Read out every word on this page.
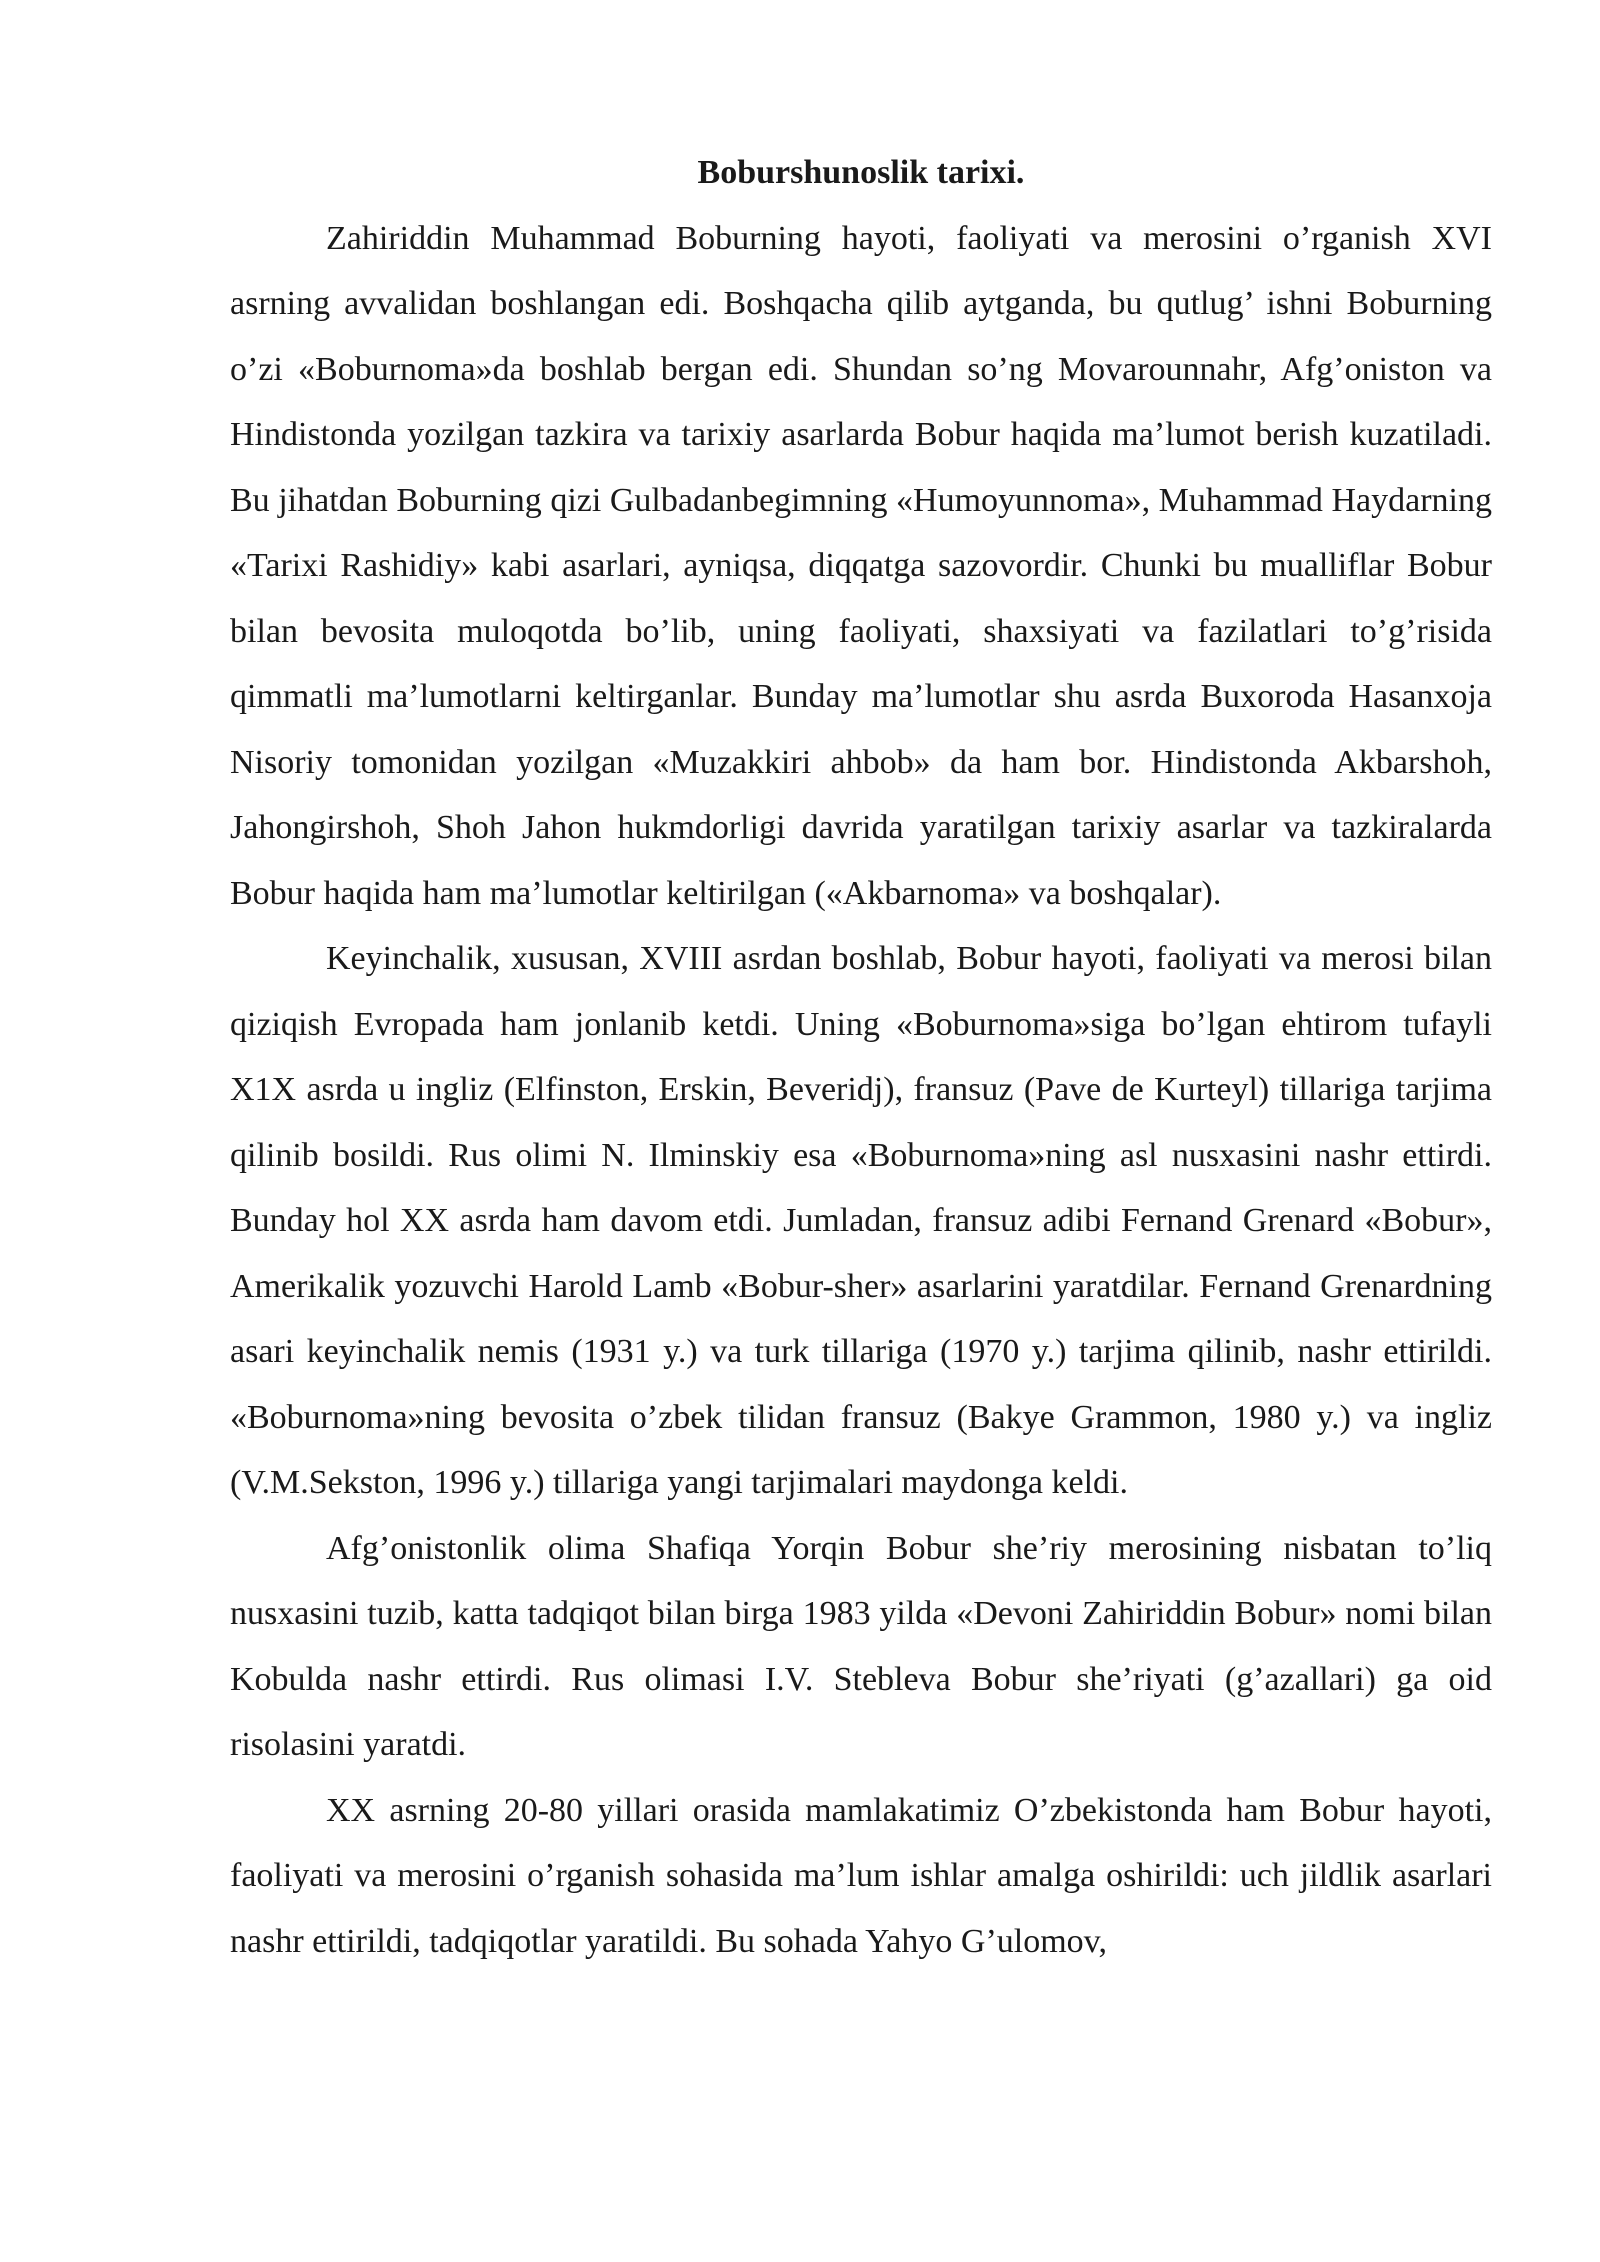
Boburshunoslik tarixi.

Zahiriddin Muhammad Boburning hayoti, faoliyati va merosini o’rganish XVI asrning avvalidan boshlangan edi. Boshqacha qilib aytganda, bu qutlug’ ishni Boburning o’zi «Boburnoma»da boshlab bergan edi. Shundan so’ng Movarounnahr, Afg’oniston va Hindistonda yozilgan tazkira va tarixiy asarlarda Bobur haqida ma’lumot berish kuzatiladi. Bu jihatdan Boburning qizi Gulbadanbegimning «Humoyunnoma», Muhammad Haydarning «Tarixi Rashidiy» kabi asarlari, ayniqsa, diqqatga sazovordir. Chunki bu mualliflar Bobur bilan bevosita muloqotda bo’lib, uning faoliyati, shaxsiyati va fazilatlari to’g’risida qimmatli ma’lumotlarni keltirganlar. Bunday ma’lumotlar shu asrda Buxoroda Hasanxoja Nisoriy tomonidan yozilgan «Muzakkiri ahbob» da ham bor. Hindistonda Akbarshoh, Jahongirshoh, Shoh Jahon hukmdorligi davrida yaratilgan tarixiy asarlar va tazkiralarda Bobur haqida ham ma’lumotlar keltirilgan («Akbarnoma» va boshqalar).

Keyinchalik, xususan, XVIII asrdan boshlab, Bobur hayoti, faoliyati va merosi bilan qiziqish Evropada ham jonlanib ketdi. Uning «Boburnoma»siga bo’lgan ehtirom tufayli X1X asrda u ingliz (Elfinston, Erskin, Beveridj), fransuz (Pave de Kurteyl) tillariga tarjima qilinib bosildi. Rus olimi N. Ilminskiy esa «Boburnoma»ning asl nusxasini nashr ettirdi. Bunday hol XX asrda ham davom etdi. Jumladan, fransuz adibi Fernand Grenard «Bobur», Amerikalik yozuvchi Harold Lamb «Bobur-sher» asarlarini yaratdilar. Fernand Grenardning asari keyinchalik nemis (1931 y.) va turk tillariga (1970 y.) tarjima qilinib, nashr ettirildi. «Boburnoma»ning bevosita o’zbek tilidan fransuz (Bakye Grammon, 1980 y.) va ingliz (V.M.Sekston, 1996 y.) tillariga yangi tarjimalari maydonga keldi.

Afg’onistonlik olima Shafiqa Yorqin Bobur she’riy merosining nisbatan to’liq nusxasini tuzib, katta tadqiqot bilan birga 1983 yilda «Devoni Zahiriddin Bobur» nomi bilan Kobulda nashr ettirdi. Rus olimasi I.V. Stebleva Bobur she’riyati (g’azallari) ga oid risolasini yaratdi.

XX asrning 20-80 yillari orasida mamlakatimiz O’zbekistonda ham Bobur hayoti, faoliyati va merosini o’rganish sohasida ma’lum ishlar amalga oshirildi: uch jildlik asarlari nashr ettirildi, tadqiqotlar yaratildi. Bu sohada Yahyo G’ulomov,
